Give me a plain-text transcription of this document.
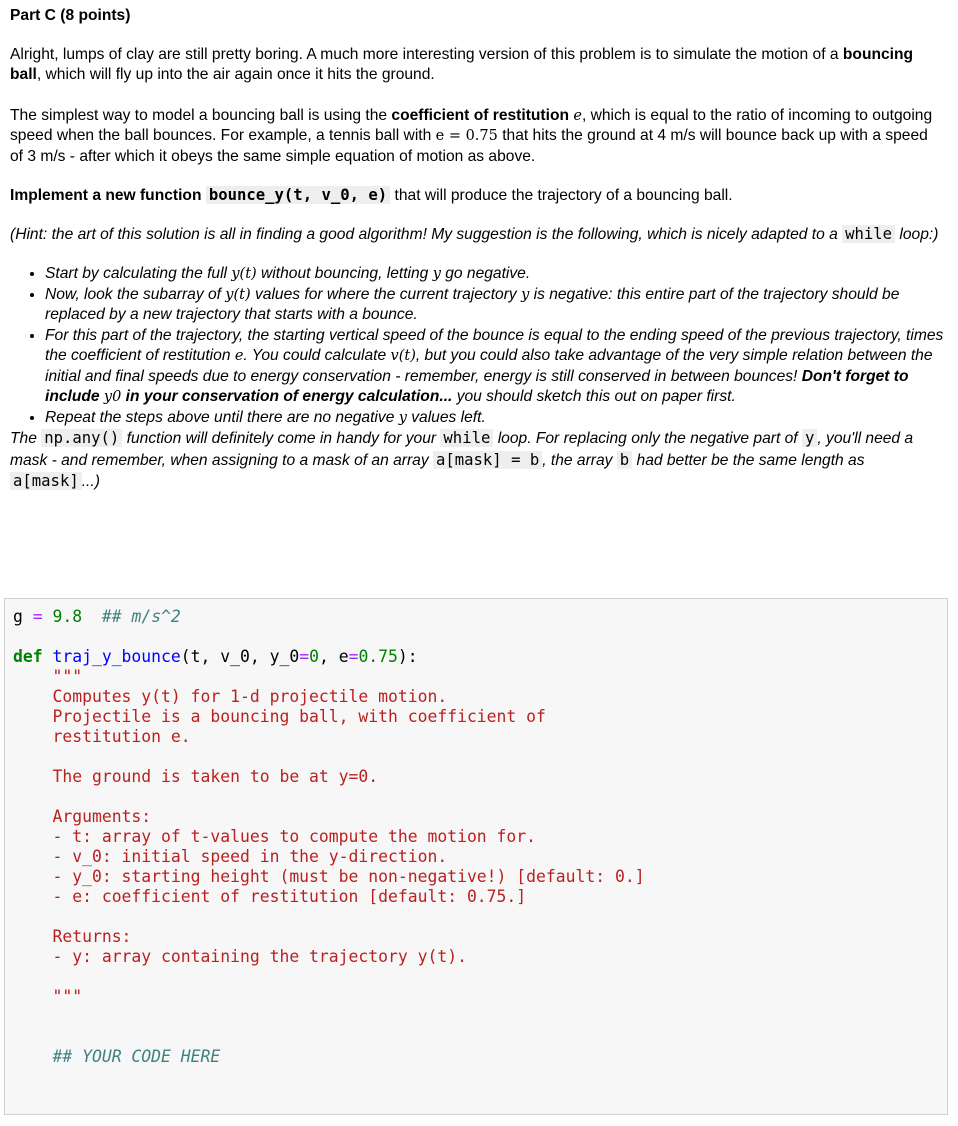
Part C (8 points)

Alright, lumps of clay are still pretty boring. A much more interesting version of this problem is to simulate the motion of a bouncing ball, which will fly up into the air again once it hits the ground.

The simplest way to model a bouncing ball is using the coefficient of restitution e, which is equal to the ratio of incoming to outgoing speed when the ball bounces. For example, a tennis ball with e = 0.75 that hits the ground at 4 m/s will bounce back up with a speed of 3 m/s - after which it obeys the same simple equation of motion as above.

Implement a new function bounce_y(t, v_0, e) that will produce the trajectory of a bouncing ball.

(Hint: the art of this solution is all in finding a good algorithm! My suggestion is the following, which is nicely adapted to a while loop:)

• Start by calculating the full y(t) without bouncing, letting y go negative.
• Now, look the subarray of y(t) values for where the current trajectory y is negative: this entire part of the trajectory should be replaced by a new trajectory that starts with a bounce.
• For this part of the trajectory, the starting vertical speed of the bounce is equal to the ending speed of the previous trajectory, times the coefficient of restitution e. You could calculate v(t), but you could also take advantage of the very simple relation between the initial and final speeds due to energy conservation - remember, energy is still conserved in between bounces! Don't forget to include y0 in your conservation of energy calculation... you should sketch this out on paper first.
• Repeat the steps above until there are no negative y values left.

The np.any() function will definitely come in handy for your while loop. For replacing only the negative part of y , you'll need a mask - and remember, when assigning to a mask of an array a[mask] = b , the array b had better be the same length as a[mask] ...)

g = 9.8 ## m/s^2

def traj_y_bounce(t, v_0, y_0=0, e=0.75):
"""
Computes y(t) for 1-d projectile motion.
Projectile is a bouncing ball, with coefficient of
restitution e.

The ground is taken to be at y=0.

Arguments:
- t: array of t-values to compute the motion for.
- v_0: initial speed in the y-direction.
- y_0: starting height (must be non-negative!) [default: 0.]
- e: coefficient of restitution [default: 0.75.]

Returns:
- y: array containing the trajectory y(t).

"""

## YOUR CODE HERE
